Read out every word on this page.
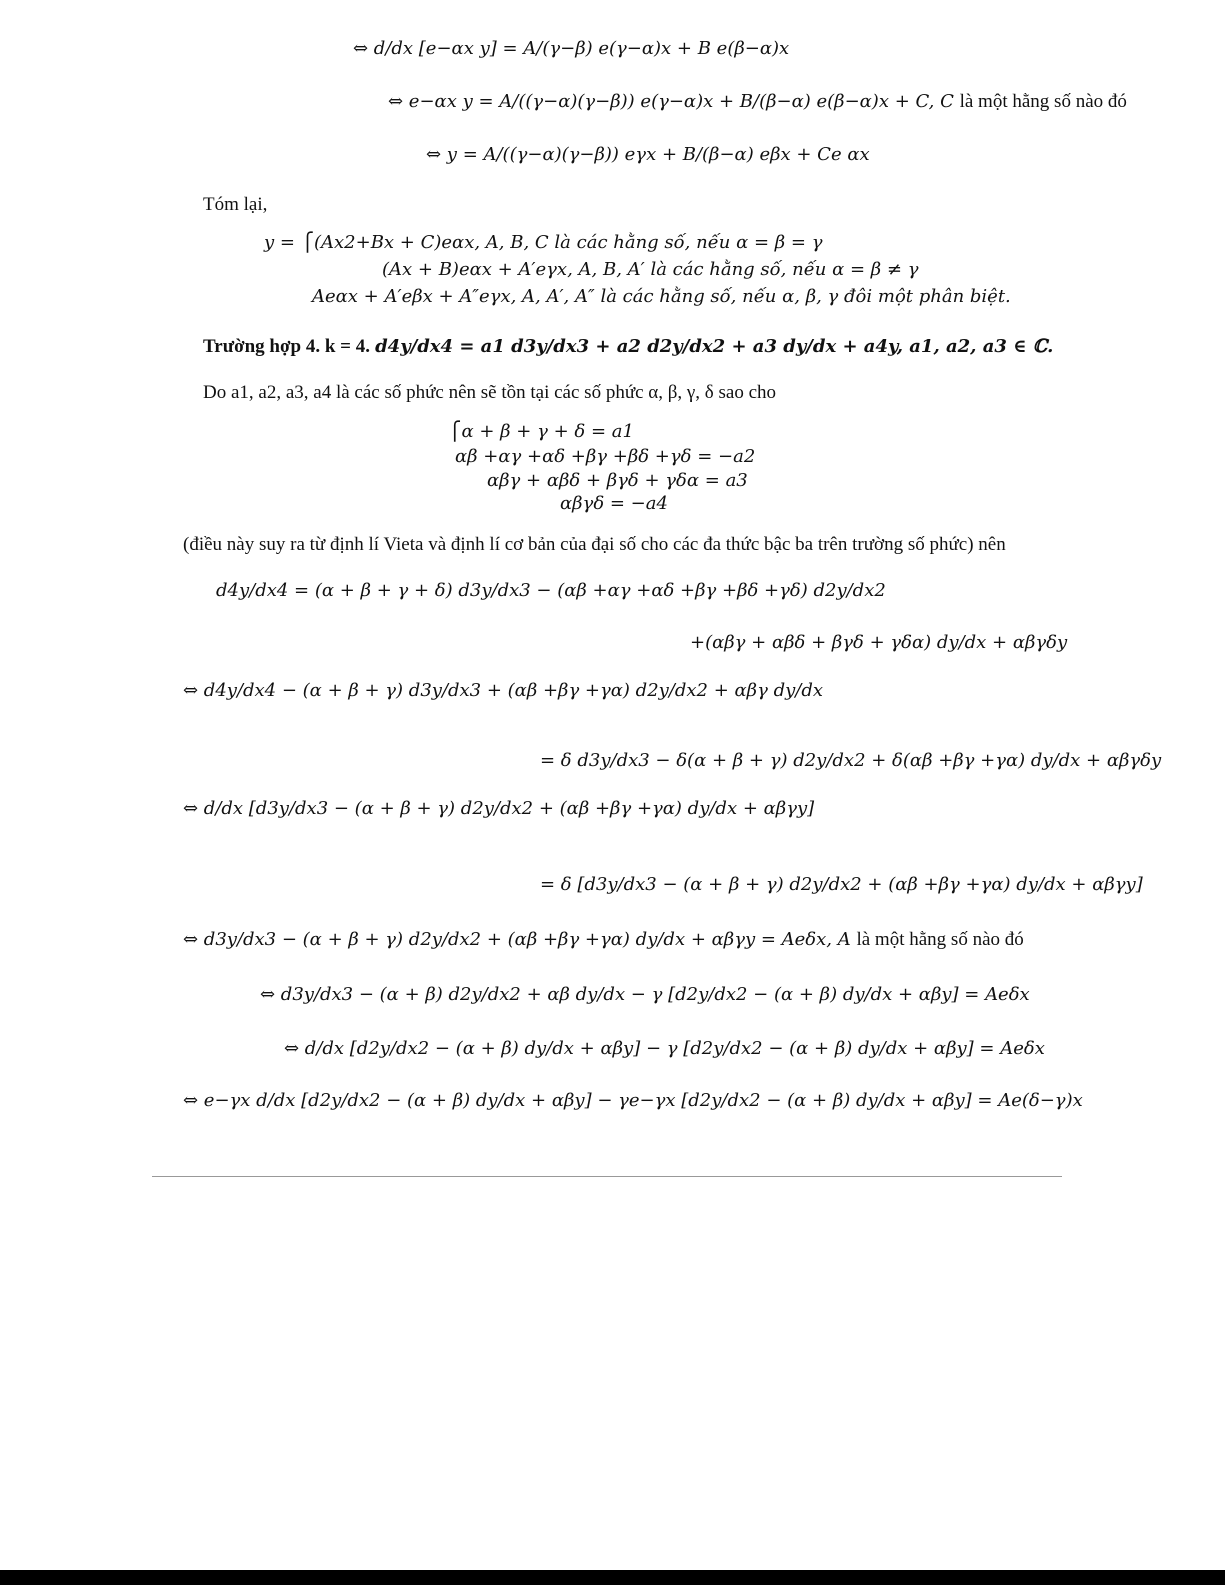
⇔ d/dx [e−αx y] = A/(γ−β) e(γ−α)x + B e(β−α)x
⇔ e−αx y = A/((γ−α)(γ−β)) e(γ−α)x + B/(β−α) e(β−α)x + C, C là một hằng số nào đó
⇔ y = A/((γ−α)(γ−β)) eγx + B/(β−α) eβx + Ce αx
Tóm lại,
y = ⎧ (Ax2+Bx + C)eαx, A, B, C là các hằng số, nếu α = β = γ
(Ax + B)eαx + A′eγx, A, B, A′ là các hằng số, nếu α = β ≠ γ
Aeαx + A′eβx + A″eγx, A, A′, A″ là các hằng số, nếu α, β, γ đôi một phân biệt.
Trường hợp 4. k = 4. d4y/dx4 = a1 d3y/dx3 + a2 d2y/dx2 + a3 dy/dx + a4y, a1, a2, a3 ∈ ℂ.
Do a1, a2, a3, a4 là các số phức nên sẽ tồn tại các số phức α, β, γ, δ sao cho
⎧α + β + γ + δ = a1
αβ +αγ +αδ +βγ +βδ +γδ = −a2
αβγ + αβδ + βγδ + γδα = a3
αβγδ = −a4
(điều này suy ra từ định lí Vieta và định lí cơ bản của đại số cho các đa thức bậc ba trên trường số phức) nên
d4y/dx4 = (α + β + γ + δ) d3y/dx3 − (αβ +αγ +αδ +βγ +βδ +γδ) d2y/dx2
+(αβγ + αβδ + βγδ + γδα) dy/dx + αβγδy
⇔ d4y/dx4 − (α + β + γ) d3y/dx3 + (αβ +βγ +γα) d2y/dx2 + αβγ dy/dx
= δ d3y/dx3 − δ(α + β + γ) d2y/dx2 + δ(αβ +βγ +γα) dy/dx + αβγδy
⇔ d/dx [d3y/dx3 − (α + β + γ) d2y/dx2 + (αβ +βγ +γα) dy/dx + αβγy]
= δ [d3y/dx3 − (α + β + γ) d2y/dx2 + (αβ +βγ +γα) dy/dx + αβγy]
⇔ d3y/dx3 − (α + β + γ) d2y/dx2 + (αβ +βγ +γα) dy/dx + αβγy = Aeδx, A là một hằng số nào đó
⇔ d3y/dx3 − (α + β) d2y/dx2 + αβ dy/dx − γ [d2y/dx2 − (α + β) dy/dx + αβy] = Aeδx
⇔ d/dx [d2y/dx2 − (α + β) dy/dx + αβy] − γ [d2y/dx2 − (α + β) dy/dx + αβy] = Aeδx
⇔ e−γx d/dx [d2y/dx2 − (α + β) dy/dx + αβy] − γe−γx [d2y/dx2 − (α + β) dy/dx + αβy] = Ae(δ−γ)x
